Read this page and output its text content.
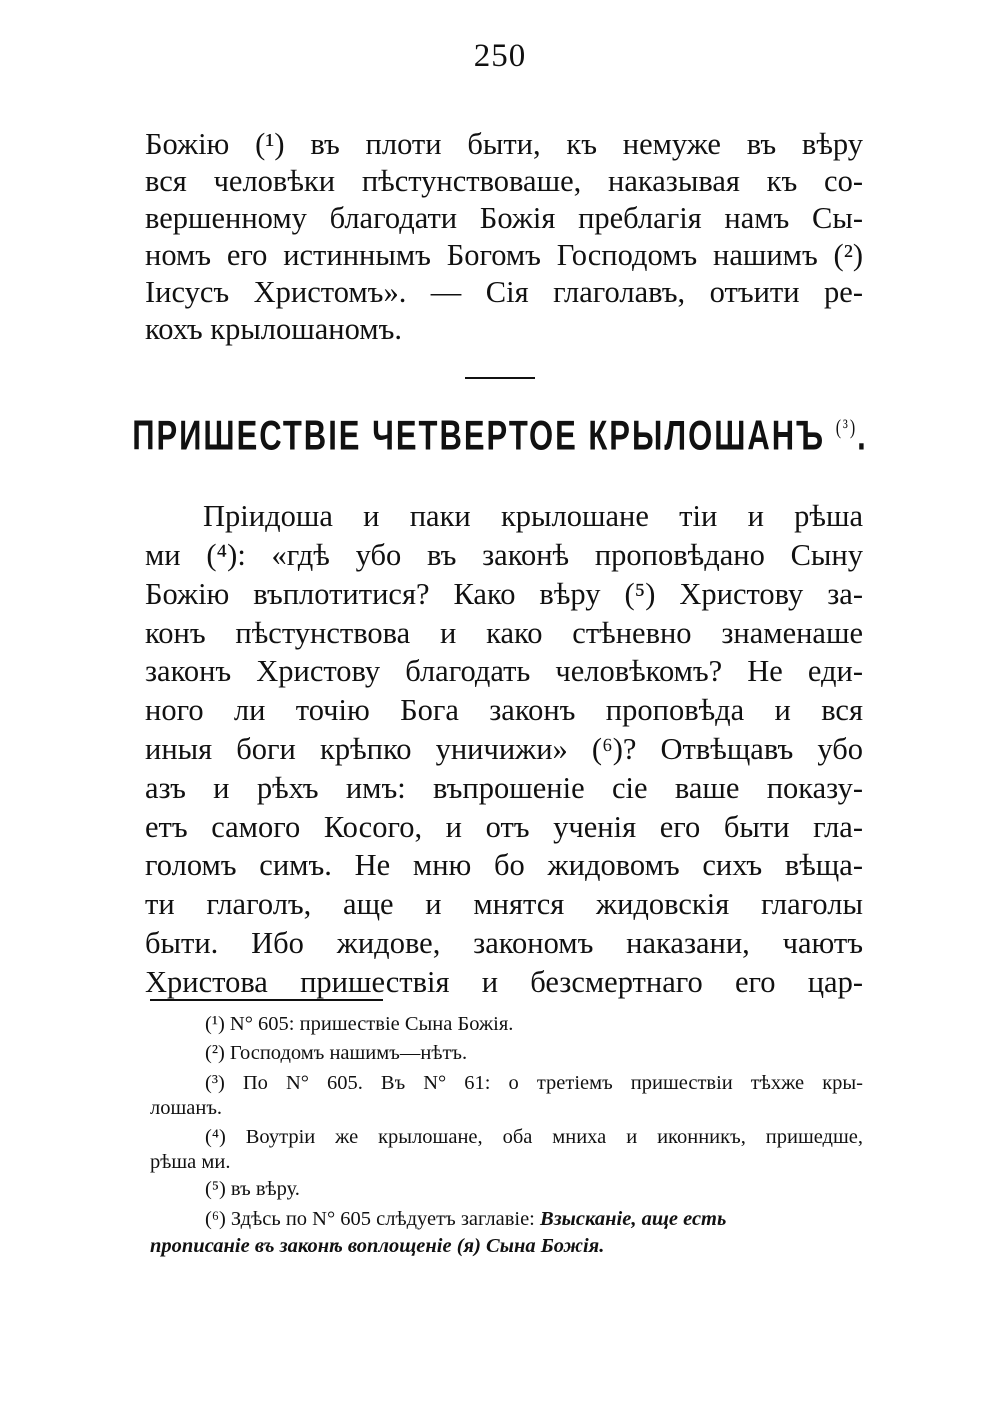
250
Божію (¹) въ плоти быти, къ немуже въ вѣру
вся человѣки пѣстунствоваше, наказывая къ со-
вершенному благодати Божія преблагія намъ Сы-
номъ его истиннымъ Богомъ Господомъ нашимъ (²)
Іисусъ Христомъ». — Сія глаголавъ, отъити ре-
кохъ крылошаномъ.
ПРИШЕСТВІЕ ЧЕТВЕРТОЕ КРЫЛОШАНЪ $^{(^3)}$.
Пріидоша и паки крылошане тіи и рѣша
ми (⁴): «гдѣ убо въ законѣ проповѣдано Сыну
Божію въплотитися? Како вѣру (⁵) Христову за-
конъ пѣстунствова и како стѣневно знаменаше
законъ Христову благодать человѣкомъ? Не еди-
ного ли точію Бога законъ проповѣда и вся
иныя боги крѣпко уничижи» (⁶)? Отвѣщавъ убо
азъ и рѣхъ имъ: въпрошеніе сіе ваше показу-
етъ самого Косого, и отъ ученія его быти гла-
голомъ симъ. Не мню бо жидовомъ сихъ вѣща-
ти глаголъ, аще и мнятся жидовскія глаголы
быти. Ибо жидове, закономъ наказани, чаютъ
Христова пришествія и безсмертнаго его цар-
(¹) N° 605: пришествіе Сына Божія.
(²) Господомъ нашимъ—нѣтъ.
(³) По N° 605. Въ N° 61: о третіемъ пришествіи тѣхже кры-
лошанъ.
(⁴) Воутріи же крылошане, оба мниха и иконникъ, пришедше,
рѣша ми.
(⁵) въ вѣру.
(⁶) Здѣсь по N° 605 слѣдуетъ заглавіе: Взысканіе, аще есть
прописаніе въ законѣ воплощеніе (я) Сына Божія.
